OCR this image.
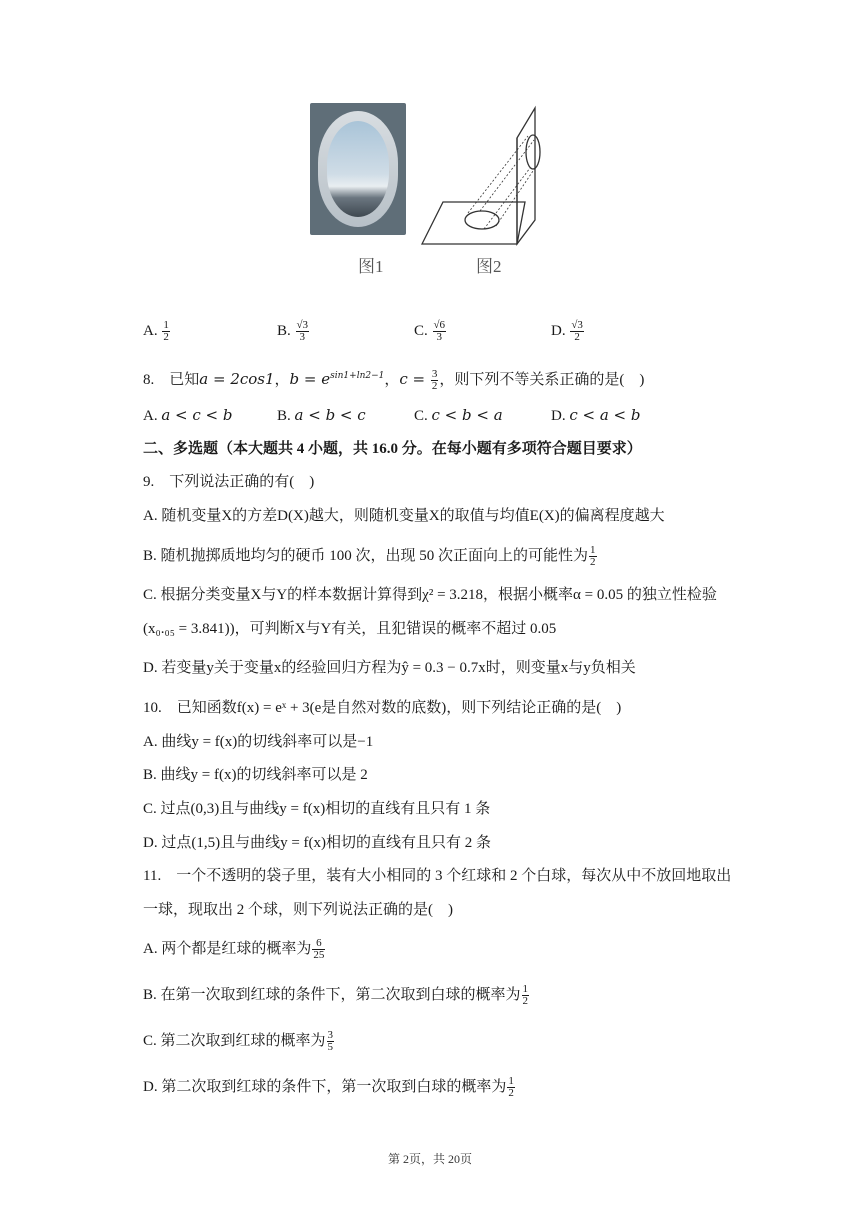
图1	图2
A. $\frac{1}{2}$	B. $\frac{√3}{3}$	C. $\frac{√6}{3}$	D. $\frac{√3}{2}$
8.　已知a = 2cos1，$b = e^{sin1+ln2-1}$，$c = \frac{3}{2}$ ，则下列不等关系正确的是(　)
A. a < c < b	B. a < b < c	C. c < b < a	D. c < a < b
二、多选题（本大题共 4 小题，共 16.0 分。在每小题有多项符合题目要求）
9.　下列说法正确的有(　)
A. 随机变量X的方差D(X)越大，则随机变量X的取值与均值E(X)的偏离程度越大
B. 随机抛掷质地均匀的硬币 100 次，出现 50 次正面向上的可能性为 $\frac{1}{2}$
C. 根据分类变量X与Y的样本数据计算得到χ² = 3.218，根据小概率α = 0.05 的独立性检验
(x₀.₀₅ = 3.841))，可判断X与Y有关，且犯错误的概率不超过 0.05
D. 若变量y关于变量x的经验回归方程为ŷ = 0.3 − 0.7x时，则变量x与y负相关
10.　已知函数f(x) = eˣ + 3(e是自然对数的底数)，则下列结论正确的是(　)
A. 曲线y = f(x)的切线斜率可以是−1
B. 曲线y = f(x)的切线斜率可以是 2
C. 过点(0,3)且与曲线y = f(x)相切的直线有且只有 1 条
D. 过点(1,5)且与曲线y = f(x)相切的直线有且只有 2 条
11.　一个不透明的袋子里，装有大小相同的 3 个红球和 2 个白球，每次从中不放回地取出
一球，现取出 2 个球，则下列说法正确的是(　)
A. 两个都是红球的概率为 $\frac{6}{25}$
B. 在第一次取到红球的条件下，第二次取到白球的概率为 $\frac{1}{2}$
C. 第二次取到红球的概率为 $\frac{3}{5}$
D. 第二次取到红球的条件下，第一次取到白球的概率为 $\frac{1}{2}$
第 2页，共 20页
